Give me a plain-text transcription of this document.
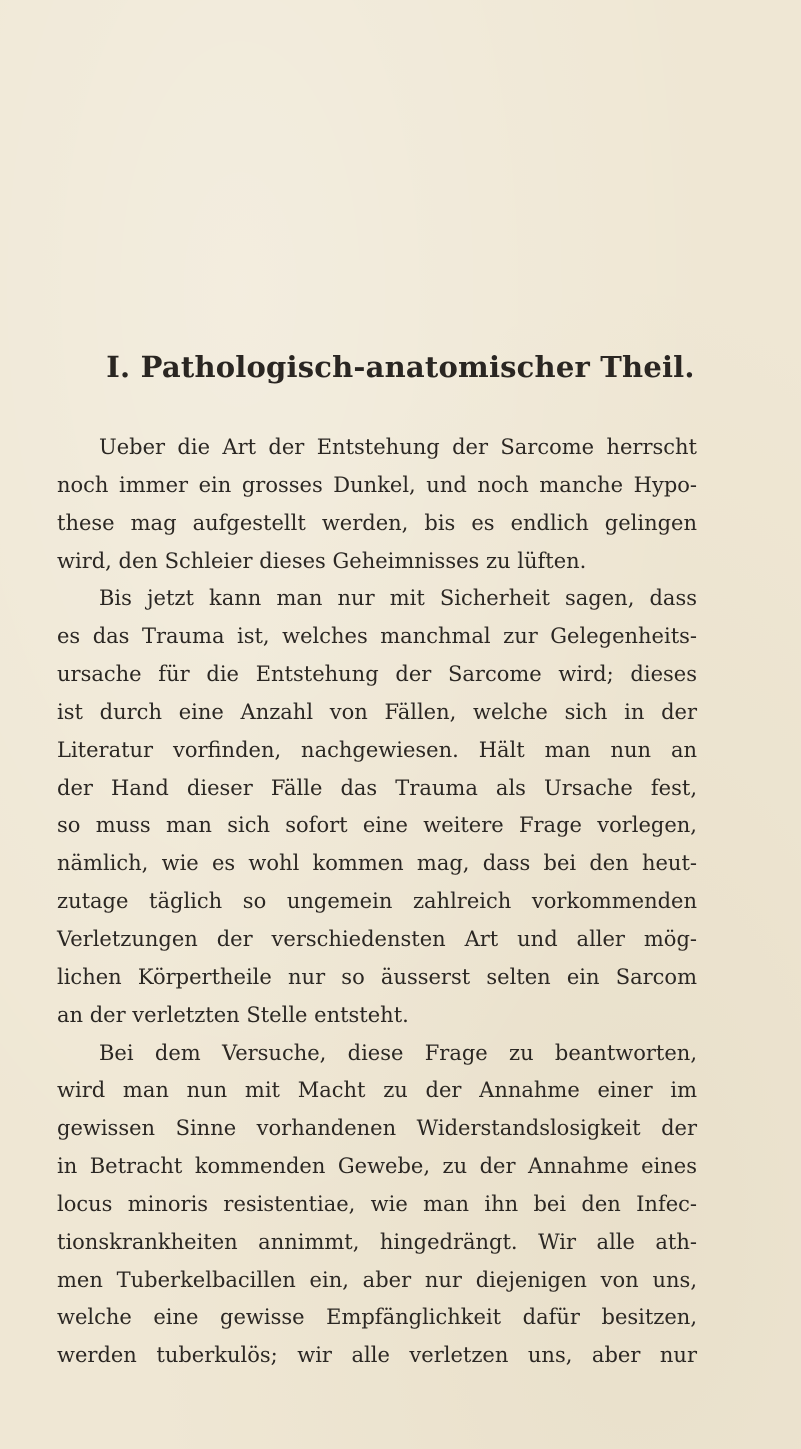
I. Pathologisch-anatomischer Theil.
Ueber die Art der Entstehung der Sarcome herrscht
noch immer ein grosses Dunkel, und noch manche Hypo-
these mag aufgestellt werden, bis es endlich gelingen
wird, den Schleier dieses Geheimnisses zu lüften.
Bis jetzt kann man nur mit Sicherheit sagen, dass
es das Trauma ist, welches manchmal zur Gelegenheits-
ursache für die Entstehung der Sarcome wird; dieses
ist durch eine Anzahl von Fällen, welche sich in der
Literatur vorfinden, nachgewiesen. Hält man nun an
der Hand dieser Fälle das Trauma als Ursache fest,
so muss man sich sofort eine weitere Frage vorlegen,
nämlich, wie es wohl kommen mag, dass bei den heut-
zutage täglich so ungemein zahlreich vorkommenden
Verletzungen der verschiedensten Art und aller mög-
lichen Körpertheile nur so äusserst selten ein Sarcom
an der verletzten Stelle entsteht.
Bei dem Versuche, diese Frage zu beantworten,
wird man nun mit Macht zu der Annahme einer im
gewissen Sinne vorhandenen Widerstandslosigkeit der
in Betracht kommenden Gewebe, zu der Annahme eines
locus minoris resistentiae, wie man ihn bei den Infec-
tionskrankheiten annimmt, hingedrängt. Wir alle ath-
men Tuberkelbacillen ein, aber nur diejenigen von uns,
welche eine gewisse Empfänglichkeit dafür besitzen,
werden tuberkulös; wir alle verletzen uns, aber nur
